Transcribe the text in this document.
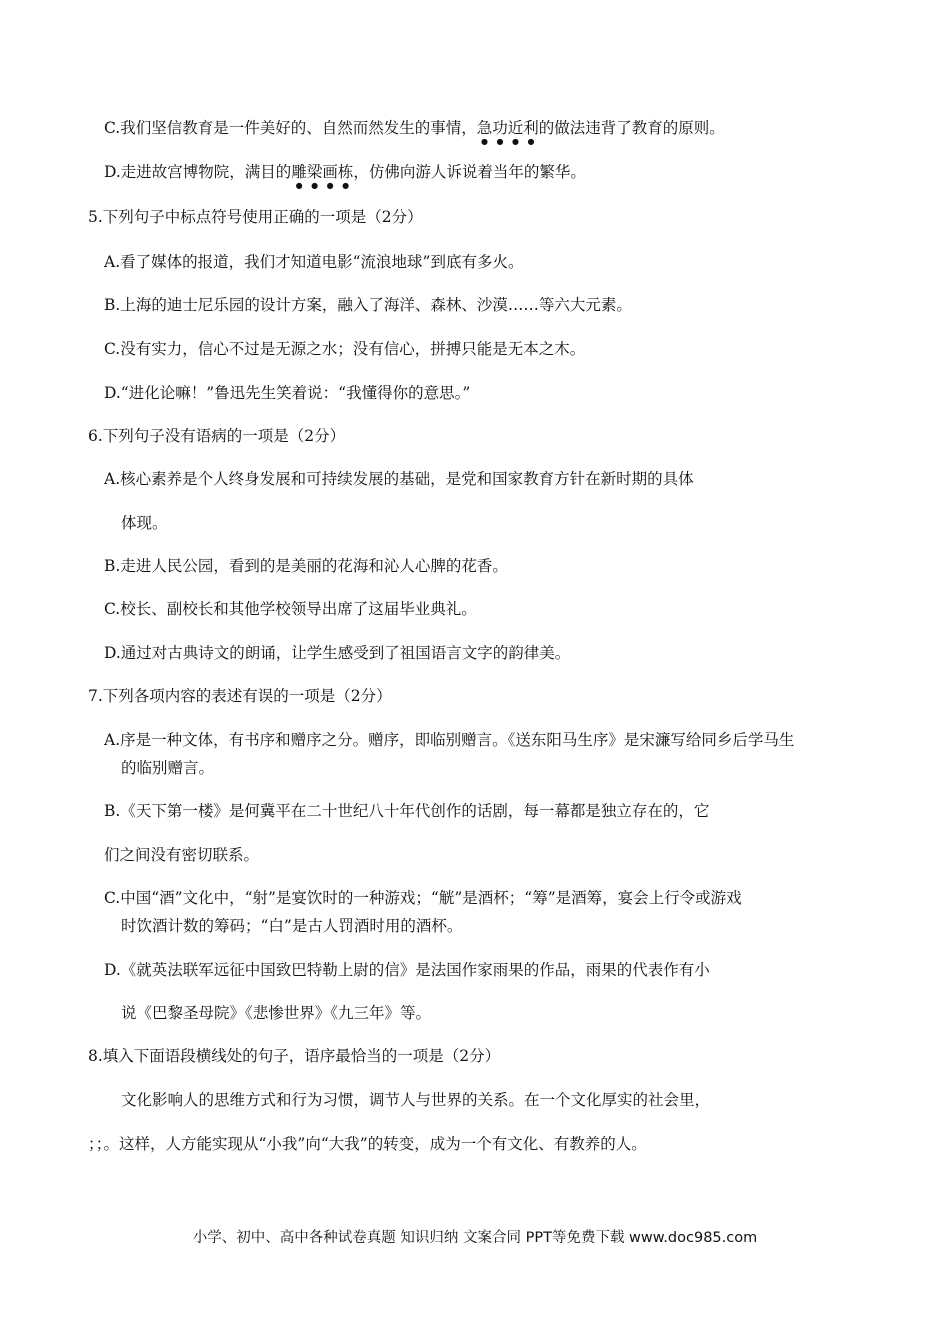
C.我们坚信教育是一件美好的、自然而然发生的事情，急功近利的做法违背了教育的原则。
D.走进故宫博物院，满目的雕梁画栋，仿佛向游人诉说着当年的繁华。
5.下列句子中标点符号使用正确的一项是（2分）
A.看了媒体的报道，我们才知道电影“流浪地球”到底有多火。
B.上海的迪士尼乐园的设计方案，融入了海洋、森林、沙漠……等六大元素。
C.没有实力，信心不过是无源之水；没有信心，拼搏只能是无本之木。
D.“进化论嘛！”鲁迅先生笑着说：“我懂得你的意思。”
6.下列句子没有语病的一项是（2分）
A.核心素养是个人终身发展和可持续发展的基础，是党和国家教育方针在新时期的具体
体现。
B.走进人民公园，看到的是美丽的花海和沁人心脾的花香。
C.校长、副校长和其他学校领导出席了这届毕业典礼。
D.通过对古典诗文的朗诵，让学生感受到了祖国语言文字的韵律美。
7.下列各项内容的表述有误的一项是（2分）
A.序是一种文体，有书序和赠序之分。赠序，即临别赠言。《送东阳马生序》是宋濂写给同乡后学马生
的临别赠言。
B.《天下第一楼》是何冀平在二十世纪八十年代创作的话剧，每一幕都是独立存在的，它
们之间没有密切联系。
C.中国“酒”文化中，“射”是宴饮时的一种游戏；“觥”是酒杯；“筹”是酒筹，宴会上行令或游戏
时饮酒计数的筹码；“白”是古人罚酒时用的酒杯。
D.《就英法联军远征中国致巴特勒上尉的信》是法国作家雨果的作品，雨果的代表作有小
说《巴黎圣母院》《悲惨世界》《九三年》等。
8.填入下面语段横线处的句子，语序最恰当的一项是（2分）
文化影响人的思维方式和行为习惯，调节人与世界的关系。在一个文化厚实的社会里，
；；。这样，人方能实现从“小我”向“大我”的转变，成为一个有文化、有教养的人。
小学、初中、高中各种试卷真题 知识归纳 文案合同 PPT等免费下载 www.doc985.com
